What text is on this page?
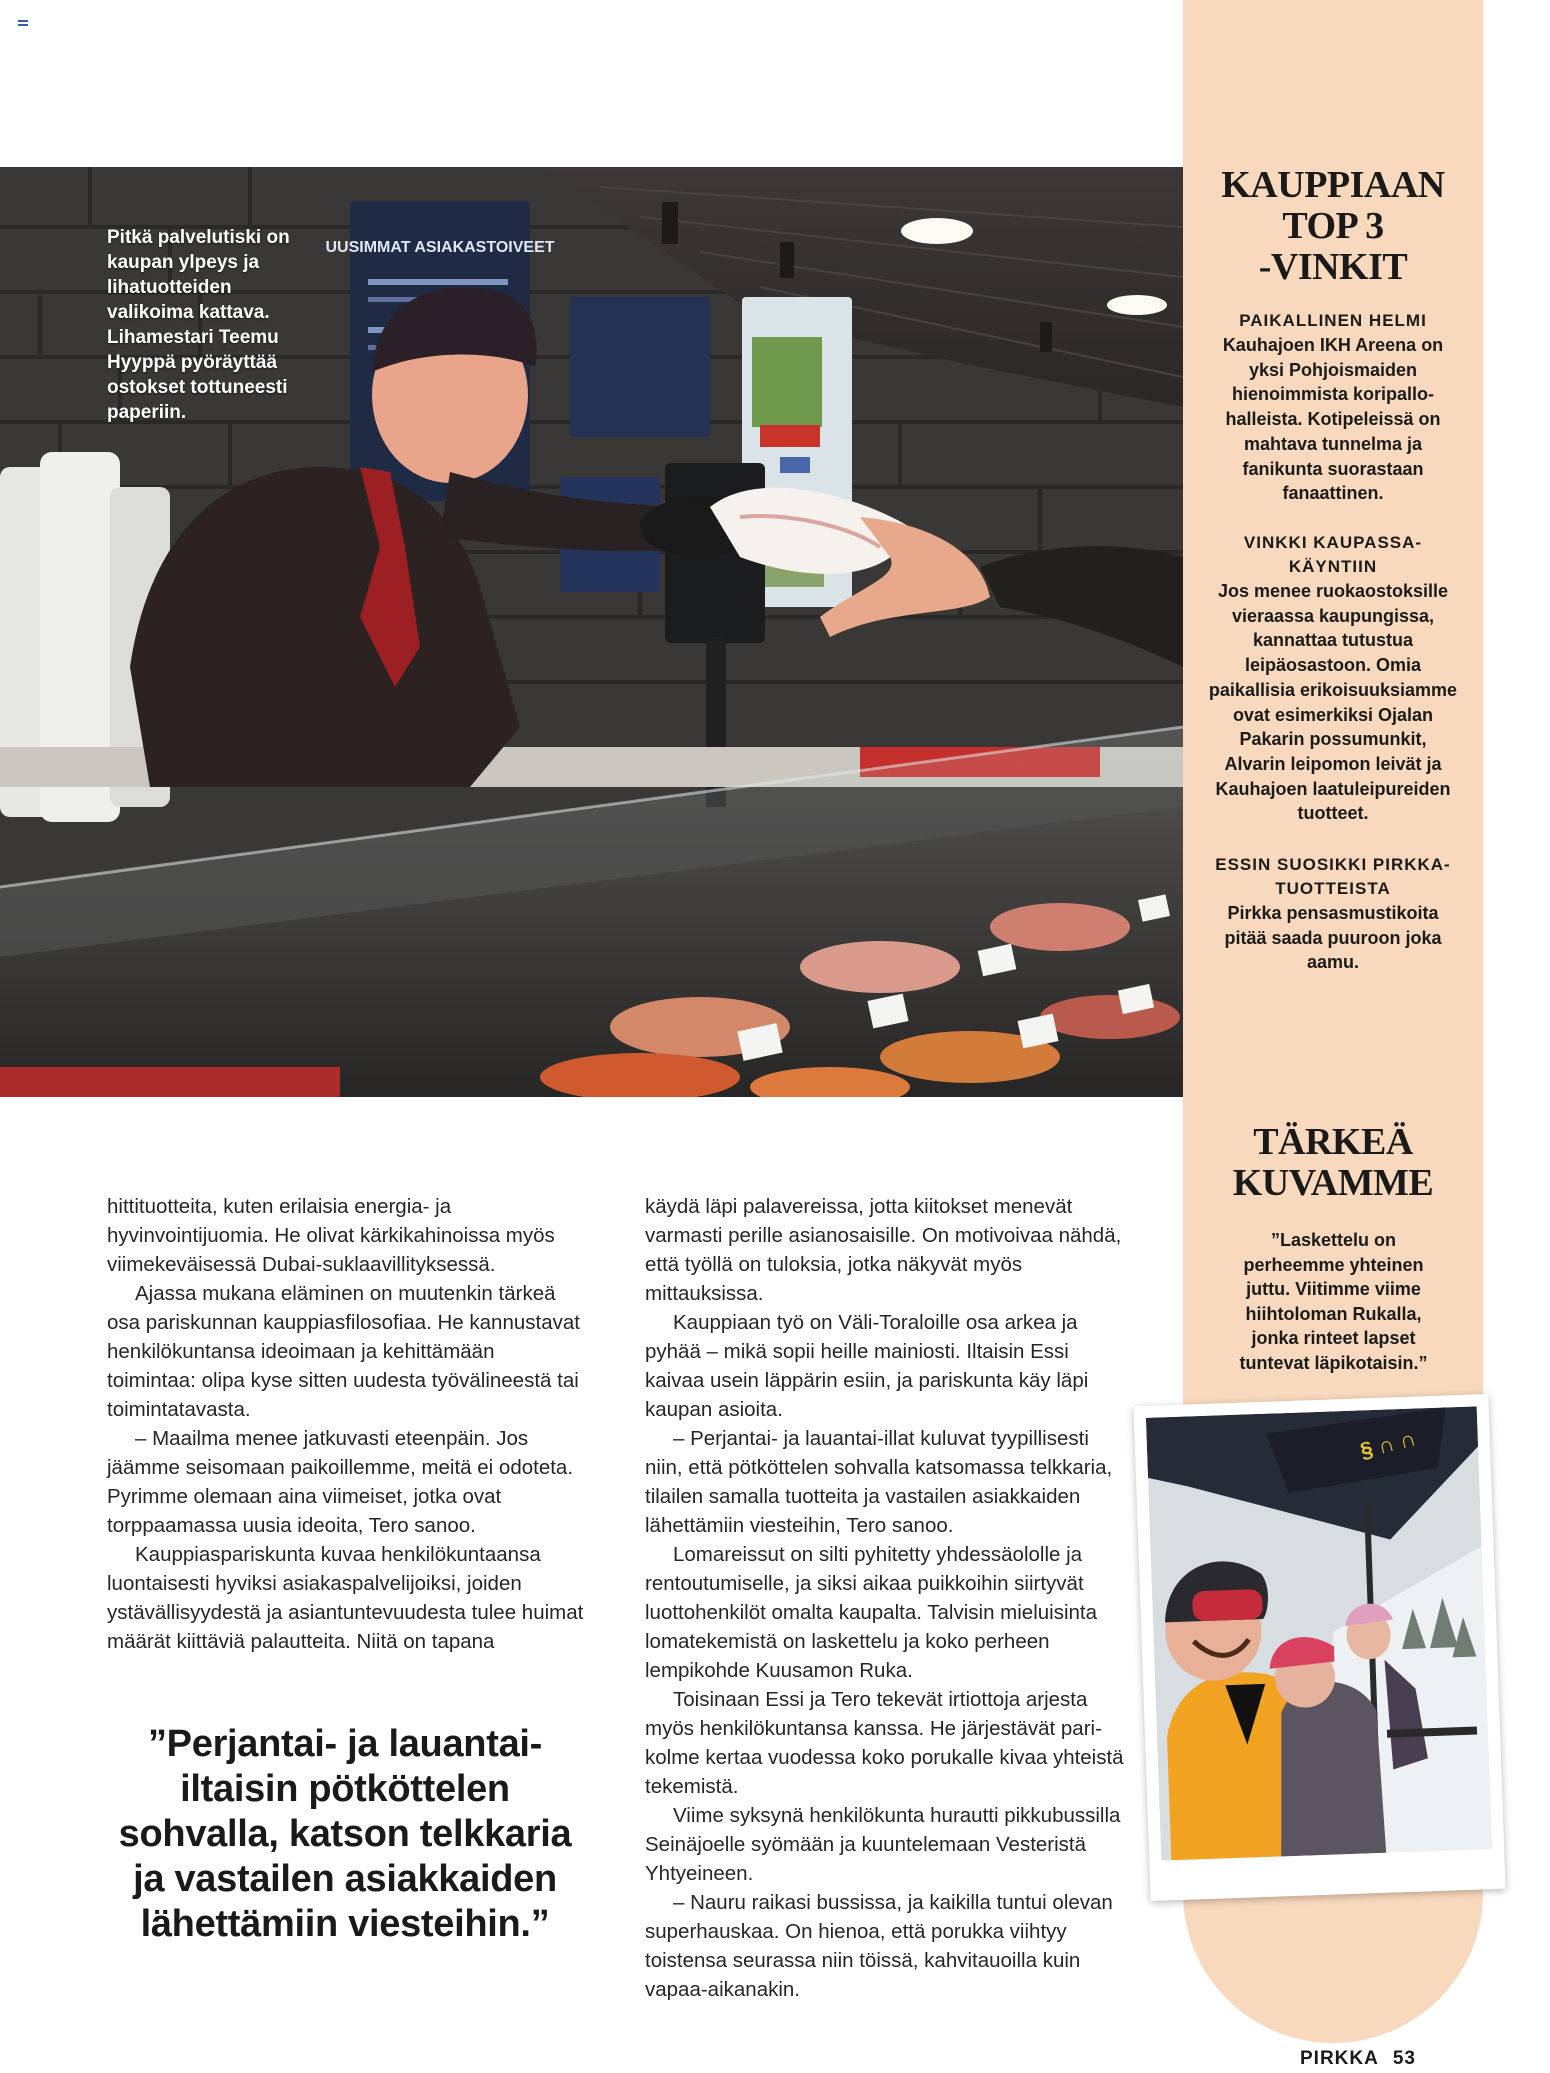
UUSIMMAT ASIAKASTOIVEET

Pitkä palvelutiski on kaupan ylpeys ja lihatuotteiden valikoima kattava. Lihamestari Teemu Hyyppä pyöräyttää ostokset tottuneesti paperiin.

KAUPPIAAN
TOP 3
-VINKIT
PAIKALLINEN HELMI

Kauhajoen IKH Areena on yksi Pohjoismaiden hienoimmista koripallo-halleista. Kotipeleissä on mahtava tunnelma ja fanikunta suorastaan fanaattinen.

VINKKI KAUPASSA-KÄYNTIIN

Jos menee ruokaostoksille vieraassa kaupungissa, kannattaa tutustua leipäosastoon. Omia paikallisia erikoisuuksiamme ovat esimerkiksi Ojalan Pakarin possumunkit, Alvarin leipomon leivät ja Kauhajoen laatuleipureiden tuotteet.

ESSIN SUOSIKKI PIRKKA-TUOTTEISTA

Pirkka pensasmustikoita pitää saada puuroon joka aamu.

TÄRKEÄ
KUVAMME

”Laskettelu on perheemme yhteinen juttu. Viitimme viime hiihtoloman Rukalla, jonka rinteet lapset tuntevat läpikotaisin.”

§ ∩ ∩

hittituotteita, kuten erilaisia energia- ja hyvinvointijuomia. He olivat kärkikahinoissa myös viimekeväisessä Dubai-suklaavillityksessä.

Ajassa mukana eläminen on muutenkin tärkeä osa pariskunnan kauppiasfilosofiaa. He kannustavat henkilökuntansa ideoimaan ja kehittämään toimintaa: olipa kyse sitten uudesta työvälineestä tai toimintatavasta.

– Maailma menee jatkuvasti eteenpäin. Jos jäämme seisomaan paikoillemme, meitä ei odoteta. Pyrimme olemaan aina viimeiset, jotka ovat torppaamassa uusia ideoita, Tero sanoo.

Kauppiaspariskunta kuvaa henkilökuntaansa luontaisesti hyviksi asiakaspalvelijoiksi, joiden ystävällisyydestä ja asiantuntevuudesta tulee huimat määrät kiittäviä palautteita. Niitä on tapana

käydä läpi palavereissa, jotta kiitokset menevät varmasti perille asianosaisille. On motivoivaa nähdä, että työllä on tuloksia, jotka näkyvät myös mittauksissa.

Kauppiaan työ on Väli-Toraloille osa arkea ja pyhää – mikä sopii heille mainiosti. Iltaisin Essi kaivaa usein läppärin esiin, ja pariskunta käy läpi kaupan asioita.

– Perjantai- ja lauantai-illat kuluvat tyypillisesti niin, että pötköttelen sohvalla katsomassa telkkaria, tilailen samalla tuotteita ja vastailen asiakkaiden lähettämiin viesteihin, Tero sanoo.

Lomareissut on silti pyhitetty yhdessäololle ja rentoutumiselle, ja siksi aikaa puikkoihin siirtyvät luottohenkilöt omalta kaupalta. Talvisin mieluisinta lomatekemistä on laskettelu ja koko perheen lempikohde Kuusamon Ruka.

Toisinaan Essi ja Tero tekevät irtiottoja arjesta myös henkilökuntansa kanssa. He järjestävät pari-kolme kertaa vuodessa koko porukalle kivaa yhteistä tekemistä.

Viime syksynä henkilökunta hurautti pikkubussilla Seinäjoelle syömään ja kuuntelemaan Vesteristä Yhtyeineen.

– Nauru raikasi bussissa, ja kaikilla tuntui olevan superhauskaa. On hienoa, että porukka viihtyy toistensa seurassa niin töissä, kahvitauoilla kuin vapaa-aikanakin.

”Perjantai- ja lauantai-iltaisin pötköttelen sohvalla, katson telkkaria ja vastailen asiakkaiden lähettämiin viesteihin.”

PIRKKA 53
